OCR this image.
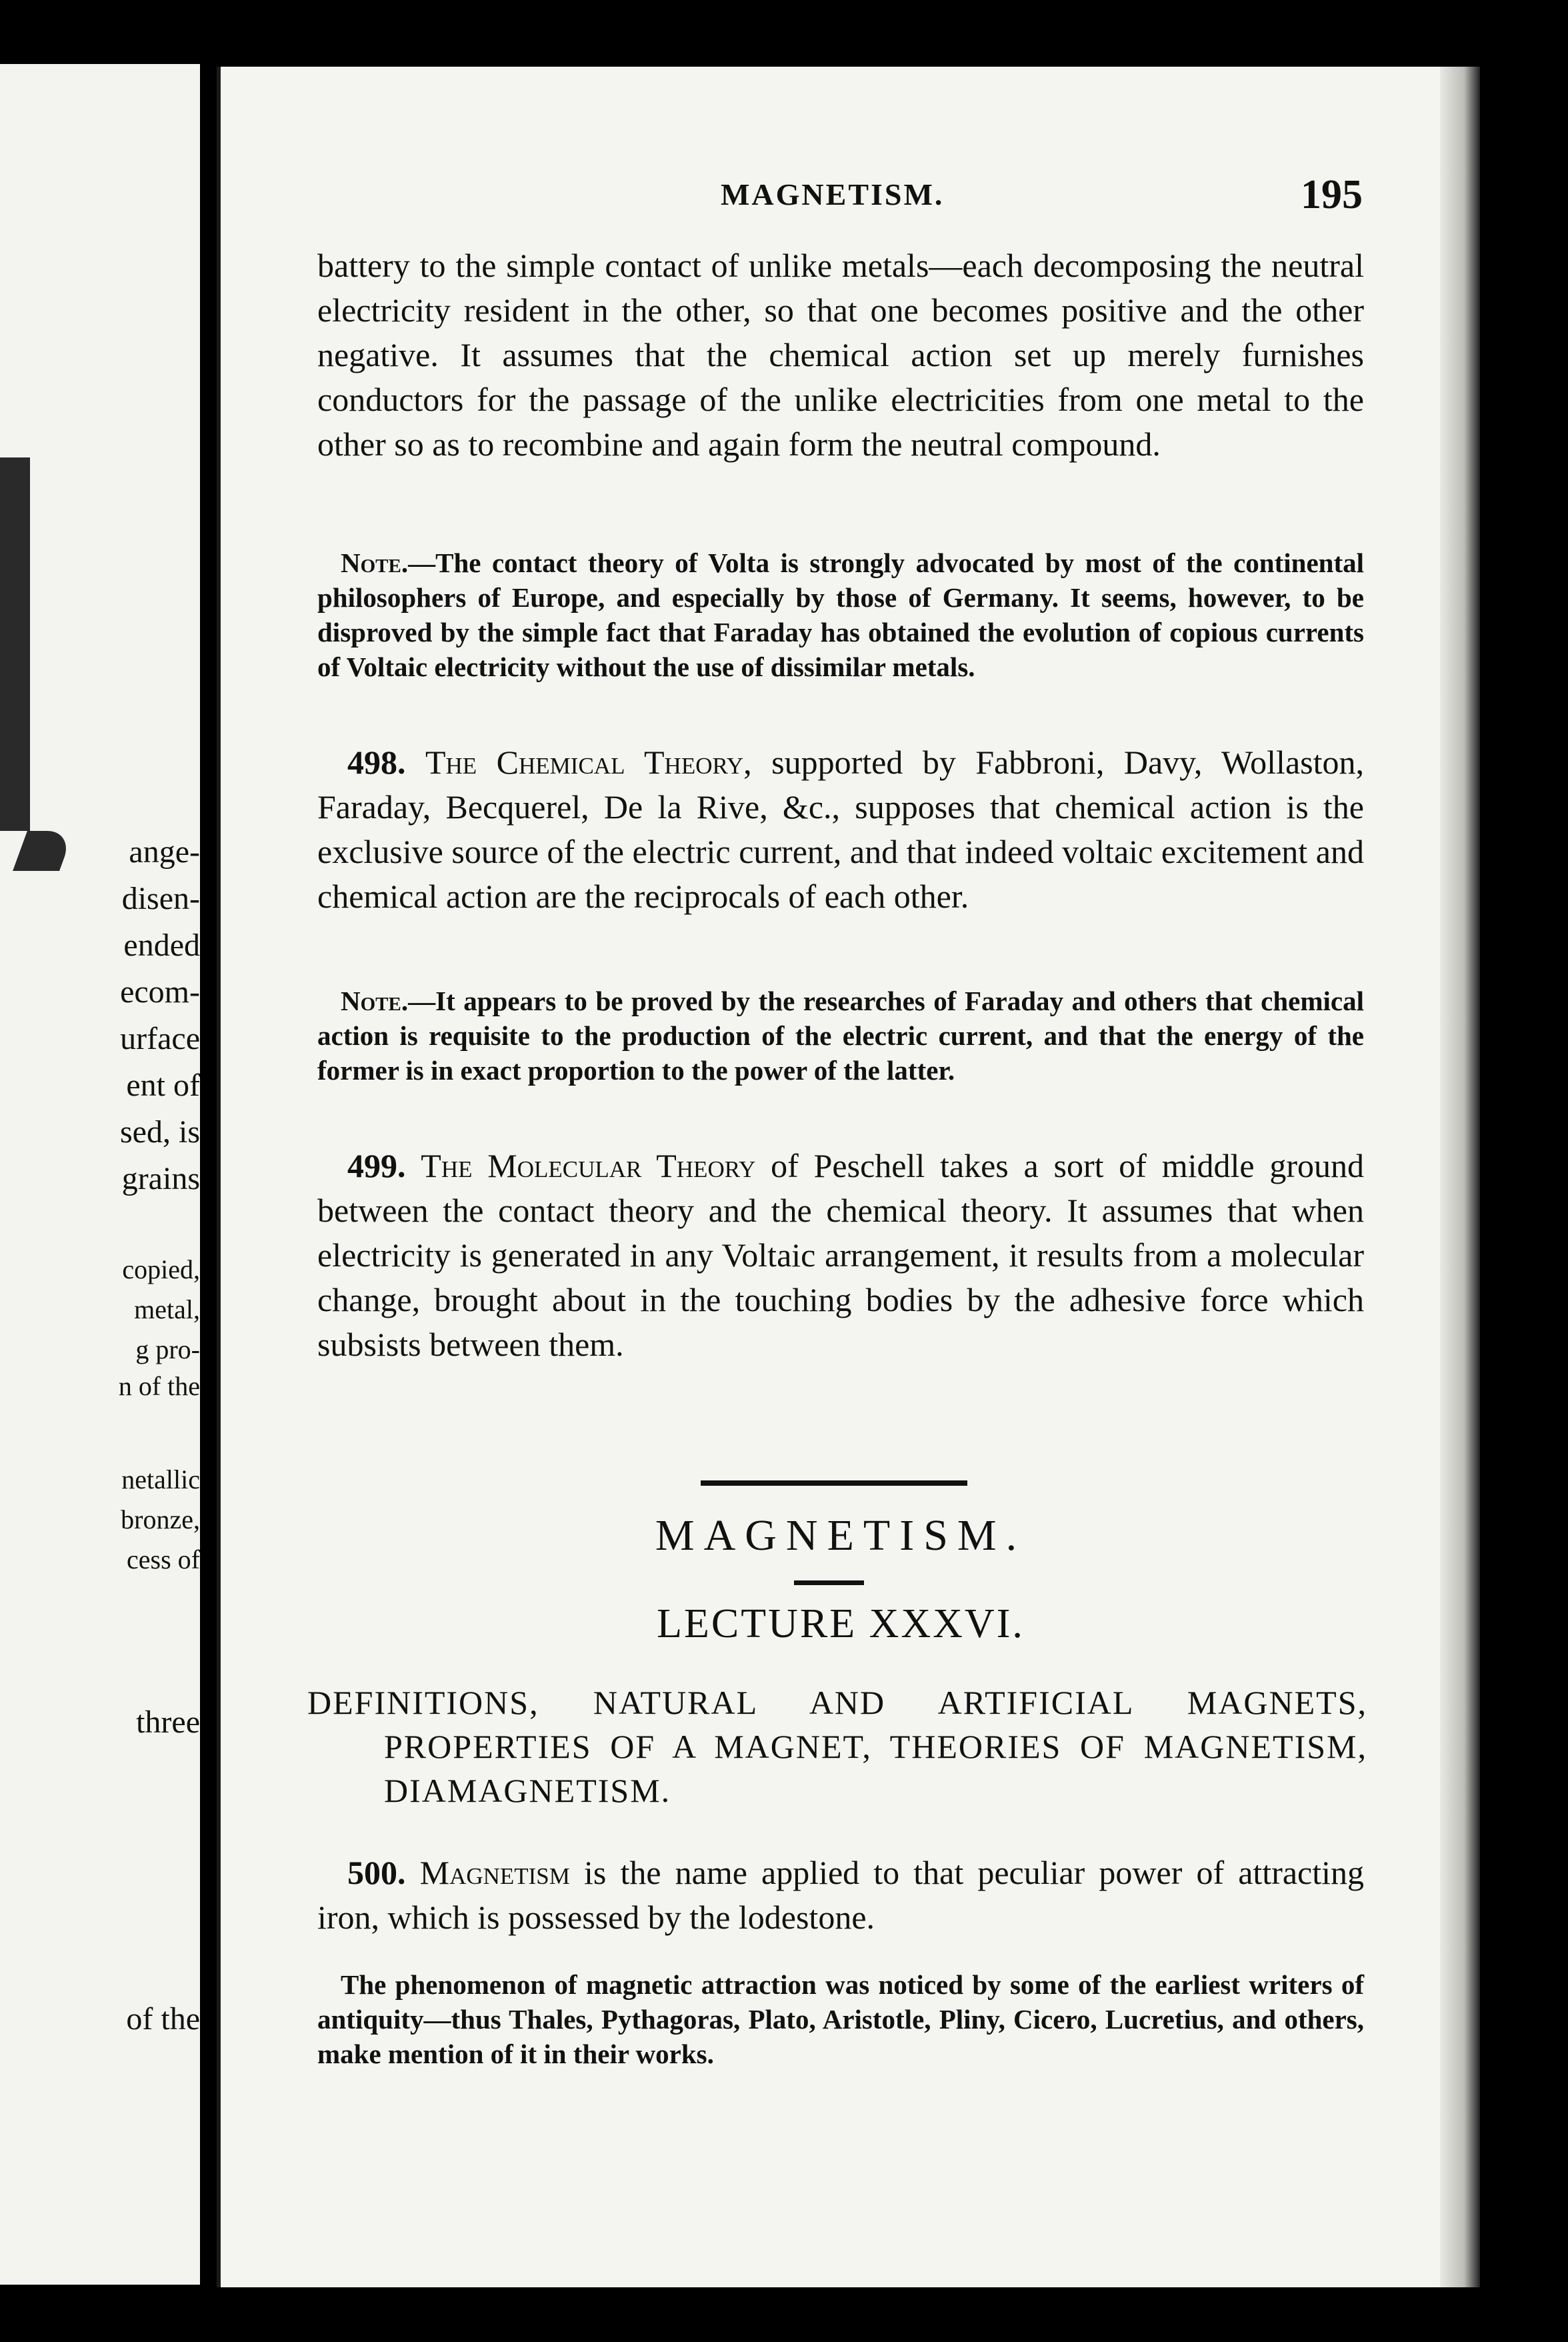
ange-
disen-
ended
ecom-
urface
ent of
sed, is
grains
copied,
metal,
g pro-
n of the
netallic
bronze,
cess of
three
of the
MAGNETISM.	195

battery to the simple contact of unlike metals—each decomposing the neutral electricity resident in the other, so that one becomes positive and the other negative. It assumes that the chemical action set up merely furnishes conductors for the passage of the unlike electricities from one metal to the other so as to recombine and again form the neutral compound.

Note.—The contact theory of Volta is strongly advocated by most of the continental philosophers of Europe, and especially by those of Germany. It seems, however, to be disproved by the simple fact that Faraday has obtained the evolution of copious currents of Voltaic electricity without the use of dissimilar metals.

498. The Chemical Theory, supported by Fabbroni, Davy, Wollaston, Faraday, Becquerel, De la Rive, &c., supposes that chemical action is the exclusive source of the electric current, and that indeed voltaic excitement and chemical action are the reciprocals of each other.

Note.—It appears to be proved by the researches of Faraday and others that chemical action is requisite to the production of the electric current, and that the energy of the former is in exact proportion to the power of the latter.

499. The Molecular Theory of Peschell takes a sort of middle ground between the contact theory and the chemical theory. It assumes that when electricity is generated in any Voltaic arrangement, it results from a molecular change, brought about in the touching bodies by the adhesive force which subsists between them.

MAGNETISM.
LECTURE XXXVI.
DEFINITIONS, NATURAL AND ARTIFICIAL MAGNETS,
PROPERTIES OF A MAGNET, THEORIES OF MAGNETISM, DIAMAGNETISM.

500. Magnetism is the name applied to that peculiar power of attracting iron, which is possessed by the lodestone.

The phenomenon of magnetic attraction was noticed by some of the earliest writers of antiquity—thus Thales, Pythagoras, Plato, Aristotle, Pliny, Cicero, Lucretius, and others, make mention of it in their works.
